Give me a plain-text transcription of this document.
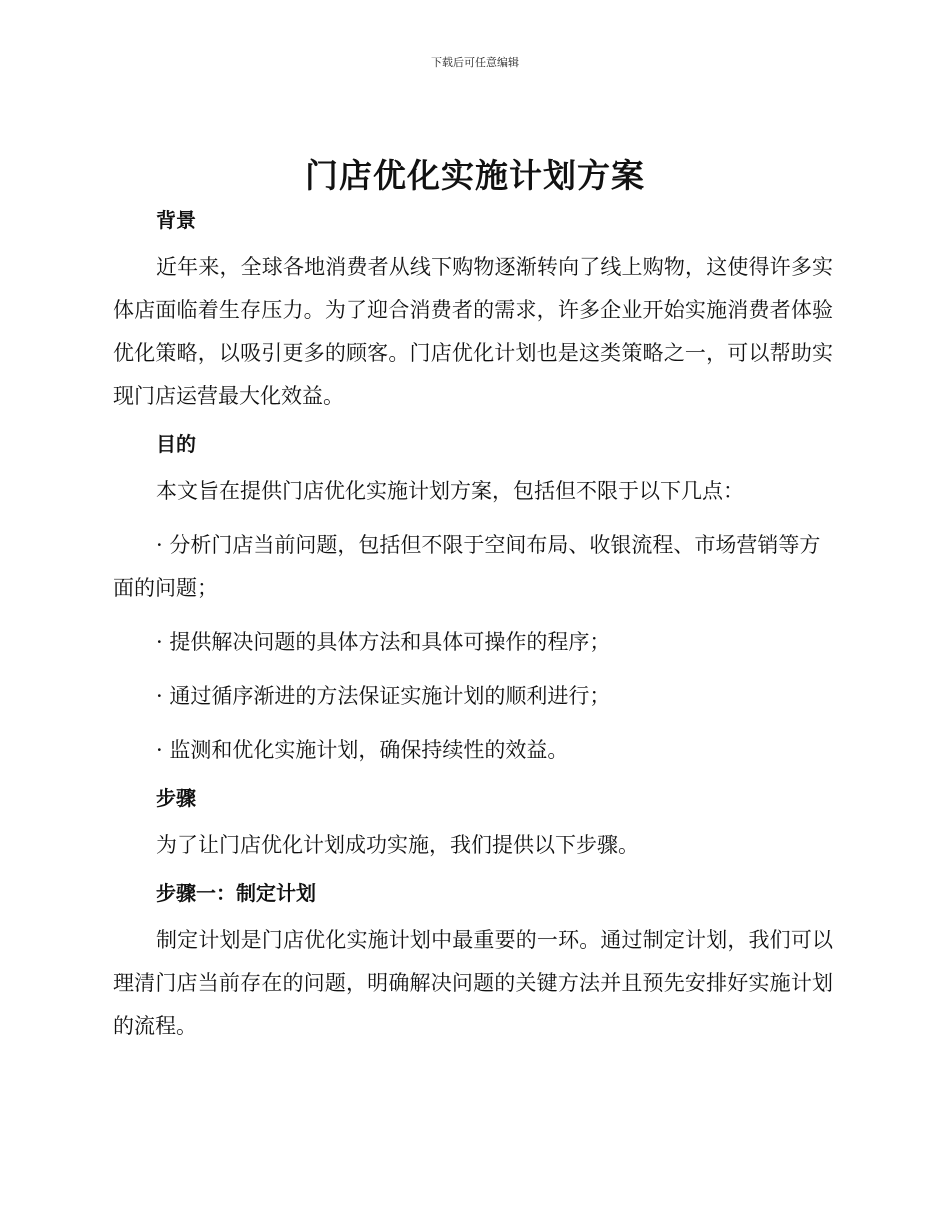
下载后可任意编辑
门店优化实施计划方案
背景

近年来，全球各地消费者从线下购物逐渐转向了线上购物，这使得许多实体店面临着生存压力。为了迎合消费者的需求，许多企业开始实施消费者体验优化策略，以吸引更多的顾客。门店优化计划也是这类策略之一，可以帮助实现门店运营最大化效益。

目的

本文旨在提供门店优化实施计划方案，包括但不限于以下几点：

· 分析门店当前问题，包括但不限于空间布局、收银流程、市场营销等方面的问题；

· 提供解决问题的具体方法和具体可操作的程序；

· 通过循序渐进的方法保证实施计划的顺利进行；

· 监测和优化实施计划，确保持续性的效益。

步骤

为了让门店优化计划成功实施，我们提供以下步骤。

步骤一：制定计划

制定计划是门店优化实施计划中最重要的一环。通过制定计划，我们可以理清门店当前存在的问题，明确解决问题的关键方法并且预先安排好实施计划的流程。
